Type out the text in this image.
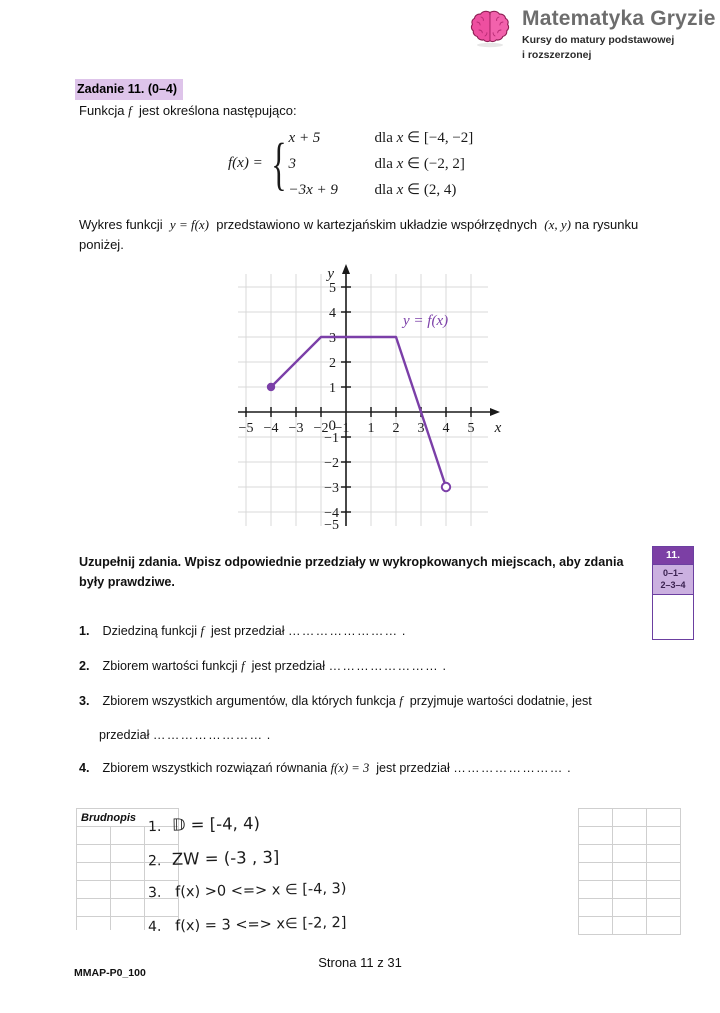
Matematyka Gryzie
Kursy do matury podstawowej
i rozszerzonej
Zadanie 11. (0–4)
Funkcja f jest określona następująco:
f(x) = { x + 5	dla x ∈ [−4, −2]
3	dla x ∈ (−2, 2]
−3x + 9	dla x ∈ (2, 4)
Wykres funkcji y = f(x) przedstawiono w kartezjańskim układzie współrzędnych (x, y) na rysunku poniżej.
−5 −4 −3 −2 −1 1 2 3 4 5
5
4
3
2
1
−1
−2
−3
−4
−5
0
y
x
y = f(x)
Uzupełnij zdania. Wpisz odpowiednie przedziały w wykropkowanych miejscach, aby zdania były prawdziwe.
11.
0–1–
2–3–4
1. Dziedziną funkcji f jest przedział …………………… .
2. Zbiorem wartości funkcji f jest przedział …………………… .
3. Zbiorem wszystkich argumentów, dla których funkcja f przyjmuje wartości dodatnie, jest
przedział …………………… .
4. Zbiorem wszystkich rozwiązań równania f(x) = 3 jest przedział …………………… .
Brudnopis		

1. 𝔻 = [-4, 4)
2. ZW = (-3 , 3]
3. f(x) >0 <=> x ∈ [-4, 3)
4. f(x) = 3 <=> x∈ [-2, 2]
MMAP-P0_100
Strona 11 z 31
